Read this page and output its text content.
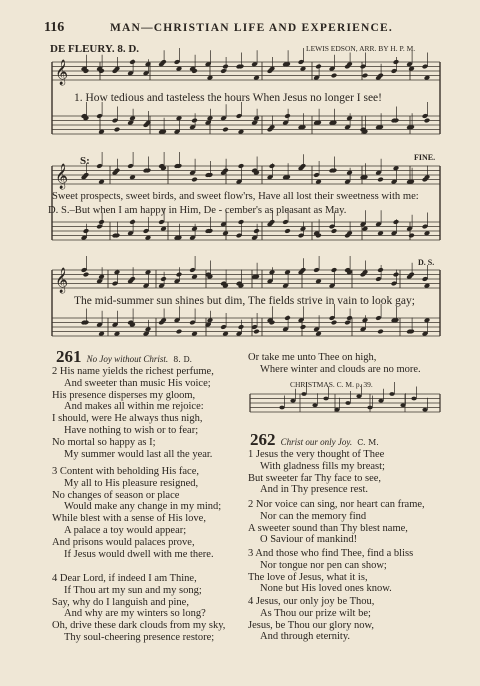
116	MAN—CHRISTIAN LIFE AND EXPERIENCE.
DE FLEURY. 8. D.	LEWIS EDSON, ARR. BY H. P. M.
𝄞
𝄞
𝄞
1. How tedious and tasteless the hours When Jesus no longer I see!
FINE.
S:
Sweet prospects, sweet birds, and sweet flow'rs, Have all lost their sweetness with me:
D. S.–But when I am happy in Him, De - cember's as pleasant as May.
D. S.
The mid-summer sun shines but dim, The fields strive in vain to look gay;
261 No Joy without Christ. 8. D.
2 His name yields the richest perfume,
And sweeter than music His voice;
His presence disperses my gloom,
And makes all within me rejoice:
I should, were He always thus nigh,
Have nothing to wish or to fear;
No mortal so happy as I;
My summer would last all the year.
3 Content with beholding His face,
My all to His pleasure resigned,
No changes of season or place
Would make any change in my mind;
While blest with a sense of His love,
A palace a toy would appear;
And prisons would palaces prove,
If Jesus would dwell with me there.
4 Dear Lord, if indeed I am Thine,
If Thou art my sun and my song;
Say, why do I languish and pine,
And why are my winters so long?
Oh, drive these dark clouds from my sky,
Thy soul-cheering presence restore;
Or take me unto Thee on high,
Where winter and clouds are no more.
CHRISTMAS. C. M. p. 39.
262 Christ our only Joy. C. M.
1 Jesus the very thought of Thee
With gladness fills my breast;
But sweeter far Thy face to see,
And in Thy presence rest.
2 Nor voice can sing, nor heart can frame,
Nor can the memory find
A sweeter sound than Thy blest name,
O Saviour of mankind!
3 And those who find Thee, find a bliss
Nor tongue nor pen can show;
The love of Jesus, what it is,
None but His loved ones know.
4 Jesus, our only joy be Thou,
As Thou our prize wilt be;
Jesus, be Thou our glory now,
And through eternity.
